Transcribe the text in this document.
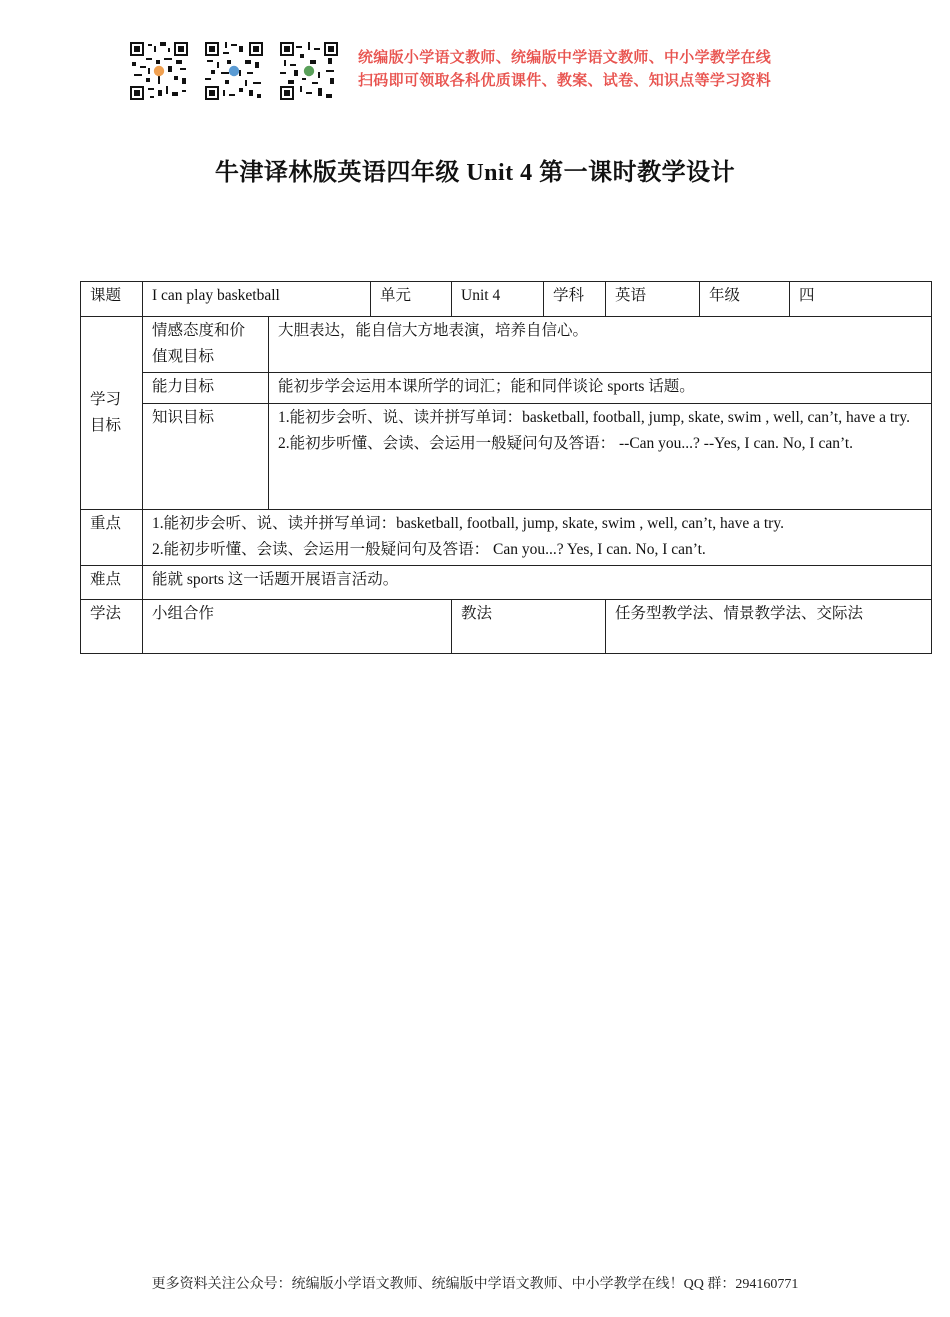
统编版小学语文教师、统编版中学语文教师、中小学教学在线
扫码即可领取各科优质课件、教案、试卷、知识点等学习资料
牛津译林版英语四年级 Unit 4 第一课时教学设计
课题	I can play basketball		单元	Unit 4	学科	英语	年级	四

学习目标	情感态度和价值观目标	大胆表达，能自信大方地表演，培养自信心。						
	能力目标	能初步学会运用本课所学的词汇；能和同伴谈论 sports 话题。						
	知识目标	1.能初步会听、说、读并拼写单词：basketball, football, jump, skate, swim , well, can’t, have a try.
2.能初步听懂、会读、会运用一般疑问句及答语： --Can you...? --Yes, I can. No, I can’t.						

重点	1.能初步会听、说、读并拼写单词：basketball, football, jump, skate, swim , well, can’t, have a try.
2.能初步听懂、会读、会运用一般疑问句及答语： Can you...? Yes, I can. No, I can’t.							

难点	能就 sports 这一话题开展语言活动。							
学法	小组合作			教法		任务型教学法、情景教学法、交际法		
更多资料关注公众号：统编版小学语文教师、统编版中学语文教师、中小学教学在线！QQ 群：294160771
